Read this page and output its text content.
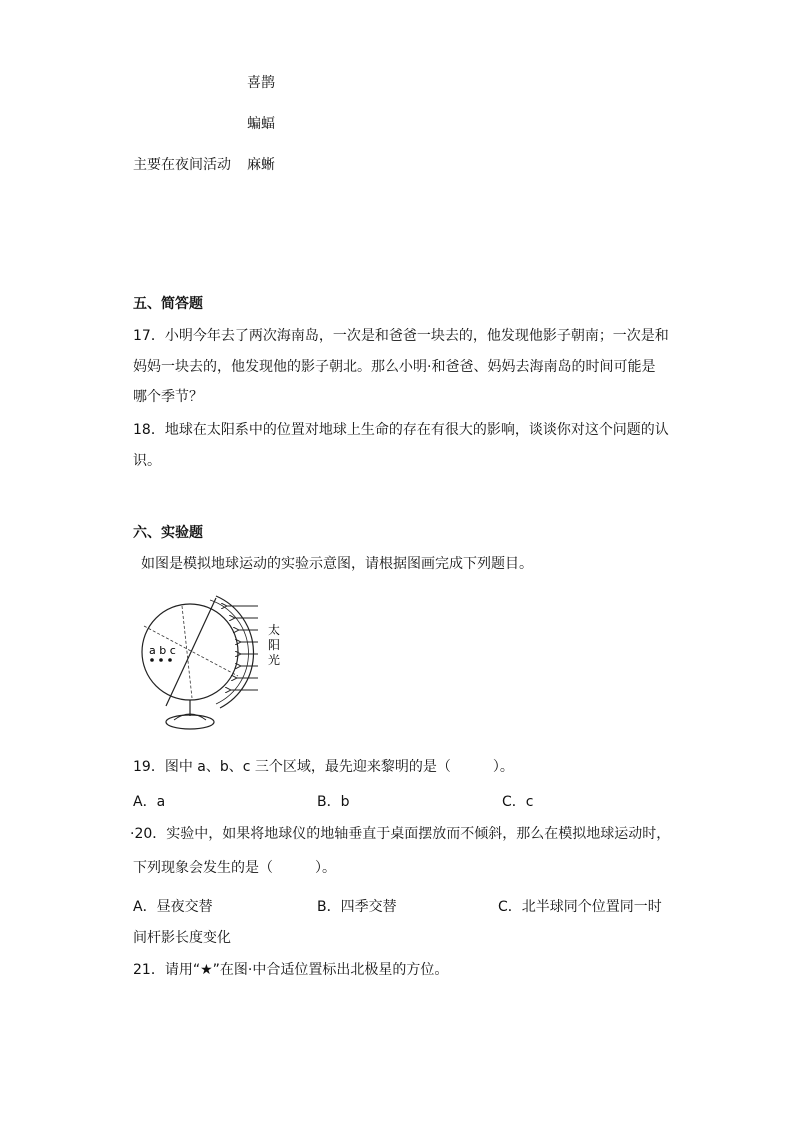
喜鹊
蝙蝠
主要在夜间活动 麻蜥
五、简答题
17．小明今年去了两次海南岛，一次是和爸爸一块去的，他发现他影子朝南；一次是和
妈妈一块去的，他发现他的影子朝北。那么小明·和爸爸、妈妈去海南岛的时间可能是
哪个季节？
18．地球在太阳系中的位置对地球上生命的存在有很大的影响，谈谈你对这个问题的认
识。
六、实验题
如图是模拟地球运动的实验示意图，请根据图画完成下列题目。
a b c
太
阳
光
19．图中 a、b、c 三个区域，最先迎来黎明的是（　　　）。
A．a	B．b	C．c
·20．实验中，如果将地球仪的地轴垂直于桌面摆放而不倾斜，那么在模拟地球运动时，
下列现象会发生的是（　　　）。
A．昼夜交替	B．四季交替	C．北半球同个位置同一时
间杆影长度变化
21．请用“★”在图·中合适位置标出北极星的方位。
